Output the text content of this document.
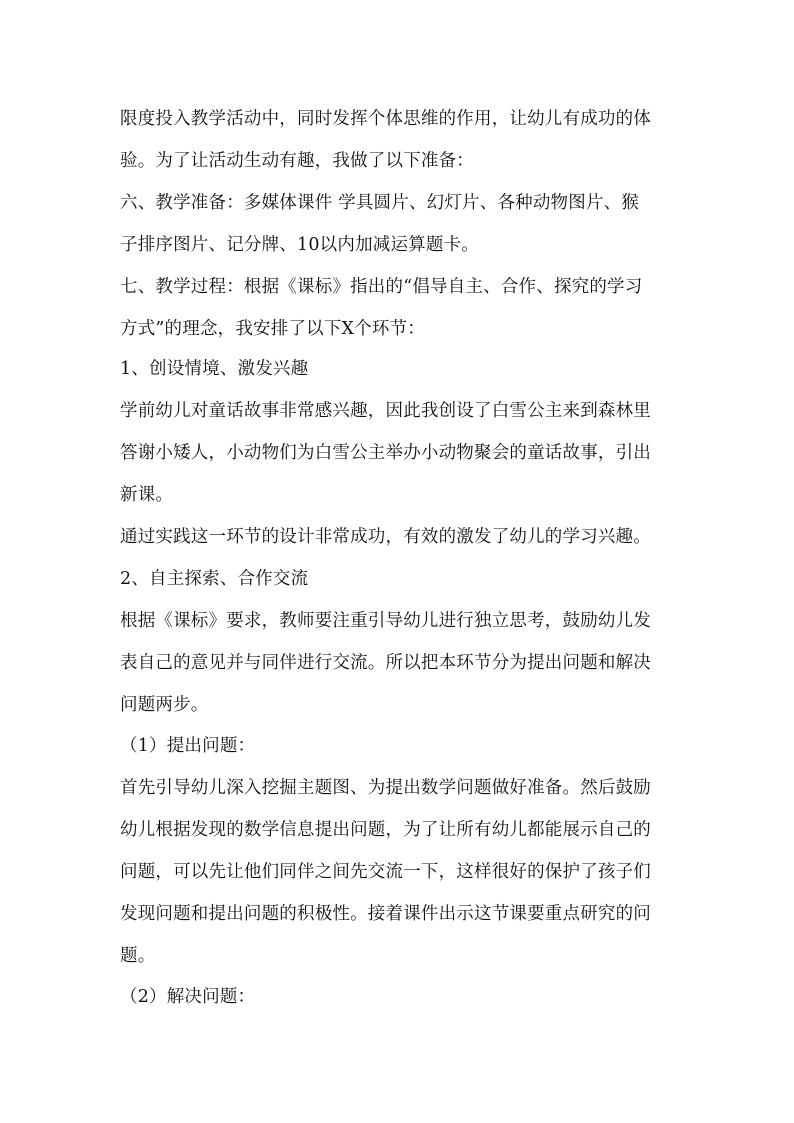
限度投入教学活动中，同时发挥个体思维的作用，让幼儿有成功的体
验。为了让活动生动有趣，我做了以下准备：
六、教学准备：多媒体课件 学具圆片、幻灯片、各种动物图片、猴
子排序图片、记分牌、10以内加减运算题卡。
七、教学过程：根据《课标》指出的“倡导自主、合作、探究的学习
方式”的理念，我安排了以下X个环节：
1、创设情境、激发兴趣
学前幼儿对童话故事非常感兴趣，因此我创设了白雪公主来到森林里
答谢小矮人，小动物们为白雪公主举办小动物聚会的童话故事，引出
新课。
通过实践这一环节的设计非常成功，有效的激发了幼儿的学习兴趣。
2、自主探索、合作交流
根据《课标》要求，教师要注重引导幼儿进行独立思考，鼓励幼儿发
表自己的意见并与同伴进行交流。所以把本环节分为提出问题和解决
问题两步。
（1）提出问题：
首先引导幼儿深入挖掘主题图、为提出数学问题做好准备。然后鼓励
幼儿根据发现的数学信息提出问题，为了让所有幼儿都能展示自己的
问题，可以先让他们同伴之间先交流一下，这样很好的保护了孩子们
发现问题和提出问题的积极性。接着课件出示这节课要重点研究的问
题。
（2）解决问题：
